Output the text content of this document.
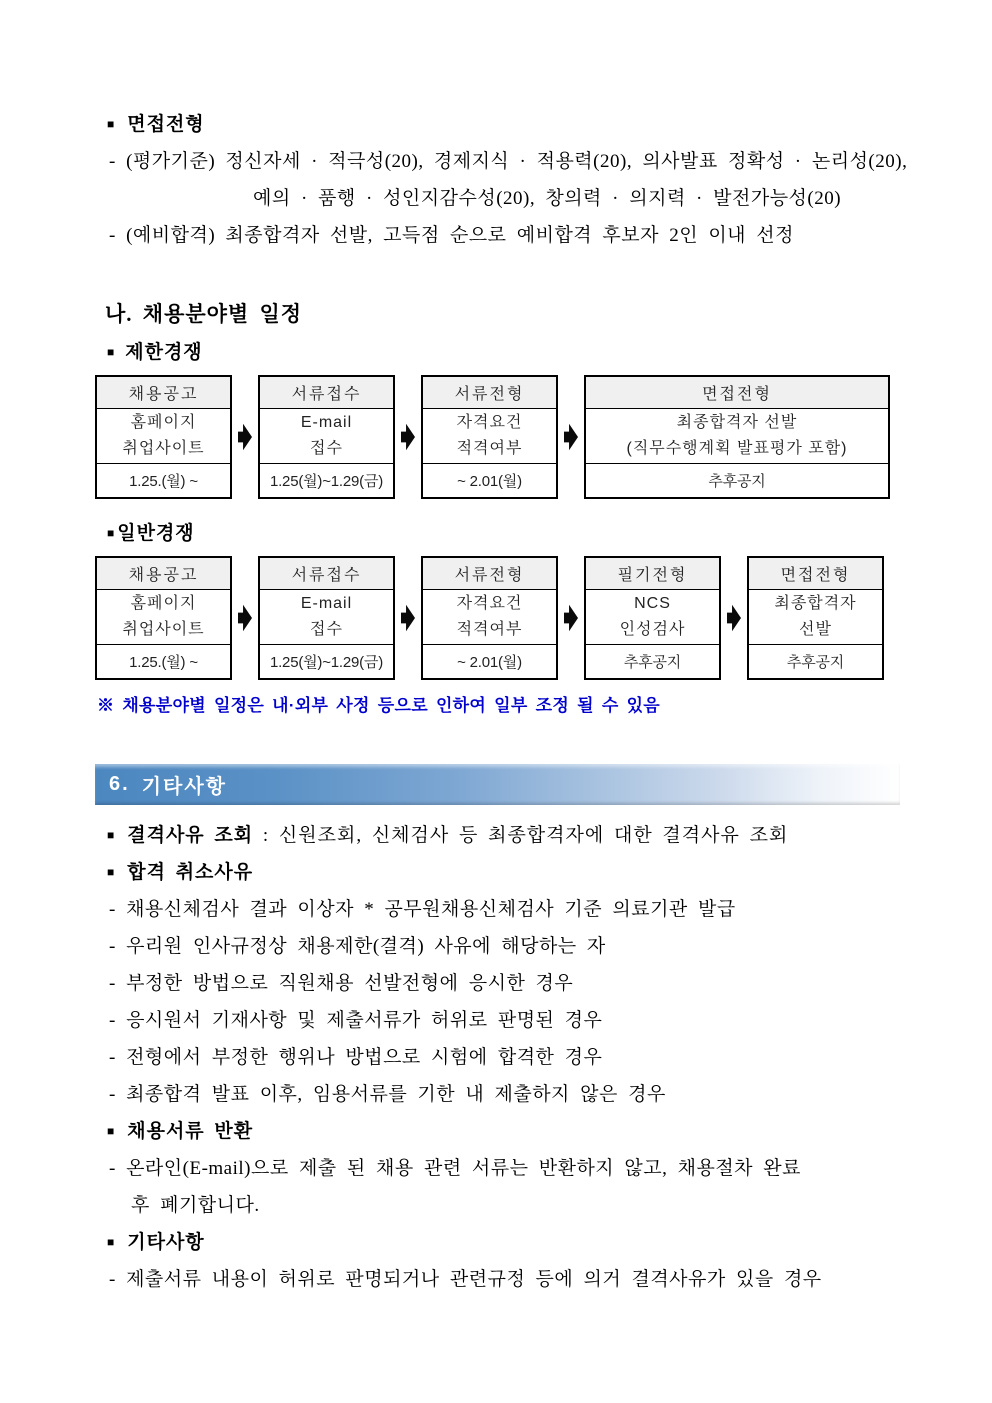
■ 면접전형
- (평가기준) 정신자세 · 적극성(20), 경제지식 · 적용력(20), 의사발표 정확성 · 논리성(20),
예의 · 품행 · 성인지감수성(20), 창의력 · 의지력 · 발전가능성(20)
- (예비합격) 최종합격자 선발, 고득점 순으로 예비합격 후보자 2인 이내 선정
나. 채용분야별 일정
■ 제한경쟁
채용공고
홈페이지
취업사이트
1.25.(월) ~
서류접수
E-mail
접수
1.25(월)~1.29(금)
서류전형
자격요건
적격여부
~ 2.01(월)
면접전형
최종합격자 선발
(직무수행계획 발표평가 포함)
추후공지
■ 일반경쟁
채용공고
홈페이지
취업사이트
1.25.(월) ~
서류접수
E-mail
접수
1.25(월)~1.29(금)
서류전형
자격요건
적격여부
~ 2.01(월)
필기전형
NCS
인성검사
추후공지
면접전형
최종합격자
선발
추후공지
※ 채용분야별 일정은 내·외부 사정 등으로 인하여 일부 조정 될 수 있음
6. 기타사항
■ 결격사유 조회 : 신원조회, 신체검사 등 최종합격자에 대한 결격사유 조회
■ 합격 취소사유
- 채용신체검사 결과 이상자 * 공무원채용신체검사 기준 의료기관 발급
- 우리원 인사규정상 채용제한(결격) 사유에 해당하는 자
- 부정한 방법으로 직원채용 선발전형에 응시한 경우
- 응시원서 기재사항 및 제출서류가 허위로 판명된 경우
- 전형에서 부정한 행위나 방법으로 시험에 합격한 경우
- 최종합격 발표 이후, 임용서류를 기한 내 제출하지 않은 경우
■ 채용서류 반환
- 온라인(E-mail)으로 제출 된 채용 관련 서류는 반환하지 않고, 채용절차 완료
후 폐기합니다.
■ 기타사항
- 제출서류 내용이 허위로 판명되거나 관련규정 등에 의거 결격사유가 있을 경우
